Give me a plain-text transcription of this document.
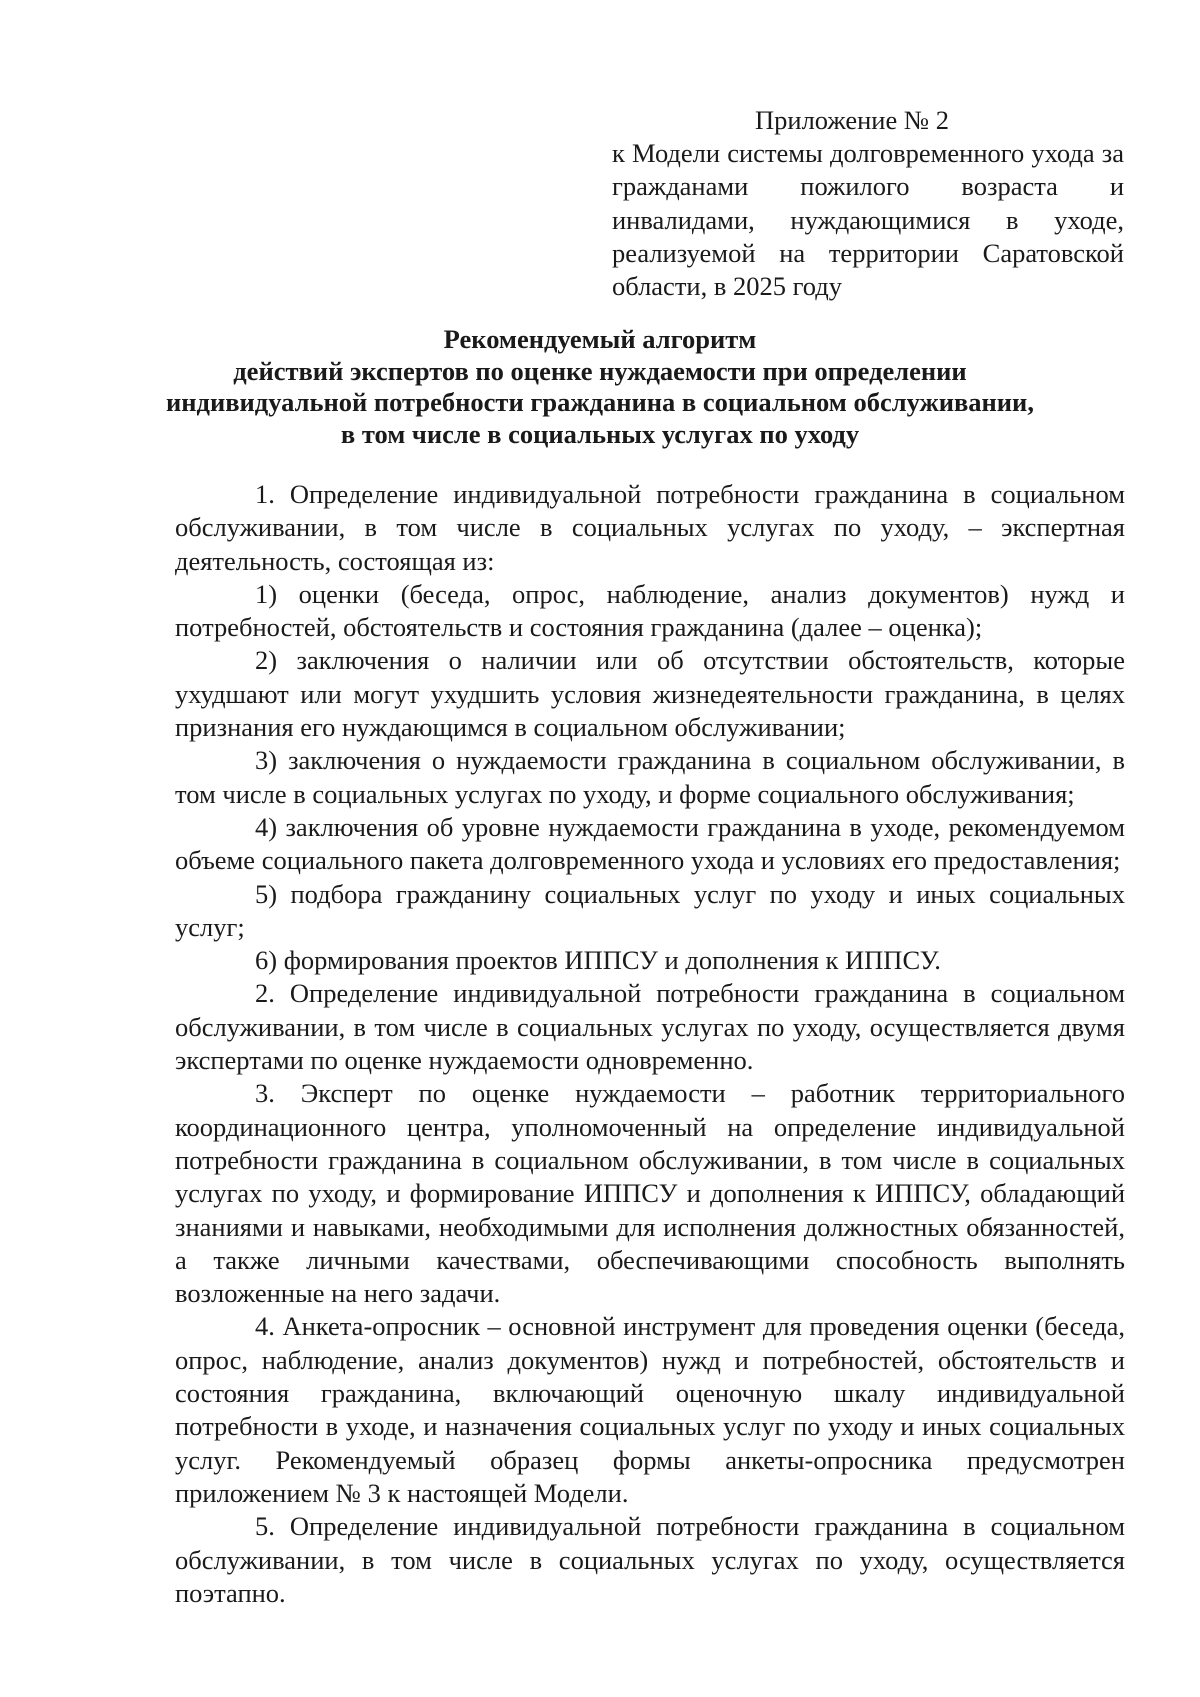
Приложение № 2
к Модели системы долговременного ухода за гражданами пожилого возраста и инвалидами, нуждающимися в уходе, реализуемой на территории Саратовской области, в 2025 году
Рекомендуемый алгоритм
действий экспертов по оценке нуждаемости при определении
индивидуальной потребности гражданина в социальном обслуживании,
в том числе в социальных услугах по уходу

1. Определение индивидуальной потребности гражданина в социальном обслуживании, в том числе в социальных услугах по уходу, – экспертная деятельность, состоящая из:

1) оценки (беседа, опрос, наблюдение, анализ документов) нужд и потребностей, обстоятельств и состояния гражданина (далее – оценка);

2) заключения о наличии или об отсутствии обстоятельств, которые ухудшают или могут ухудшить условия жизнедеятельности гражданина, в целях признания его нуждающимся в социальном обслуживании;

3) заключения о нуждаемости гражданина в социальном обслуживании, в том числе в социальных услугах по уходу, и форме социального обслуживания;

4) заключения об уровне нуждаемости гражданина в уходе, рекомендуемом объеме социального пакета долговременного ухода и условиях его предоставления;

5) подбора гражданину социальных услуг по уходу и иных социальных услуг;

6) формирования проектов ИППСУ и дополнения к ИППСУ.

2. Определение индивидуальной потребности гражданина в социальном обслуживании, в том числе в социальных услугах по уходу, осуществляется двумя экспертами по оценке нуждаемости одновременно.

3. Эксперт по оценке нуждаемости – работник территориального координационного центра, уполномоченный на определение индивидуальной потребности гражданина в социальном обслуживании, в том числе в социальных услугах по уходу, и формирование ИППСУ и дополнения к ИППСУ, обладающий знаниями и навыками, необходимыми для исполнения должностных обязанностей, а также личными качествами, обеспечивающими способность выполнять возложенные на него задачи.

4. Анкета-опросник – основной инструмент для проведения оценки (беседа, опрос, наблюдение, анализ документов) нужд и потребностей, обстоятельств и состояния гражданина, включающий оценочную шкалу индивидуальной потребности в уходе, и назначения социальных услуг по уходу и иных социальных услуг. Рекомендуемый образец формы анкеты-опросника предусмотрен приложением № 3 к настоящей Модели.

5. Определение индивидуальной потребности гражданина в социальном обслуживании, в том числе в социальных услугах по уходу, осуществляется поэтапно.
